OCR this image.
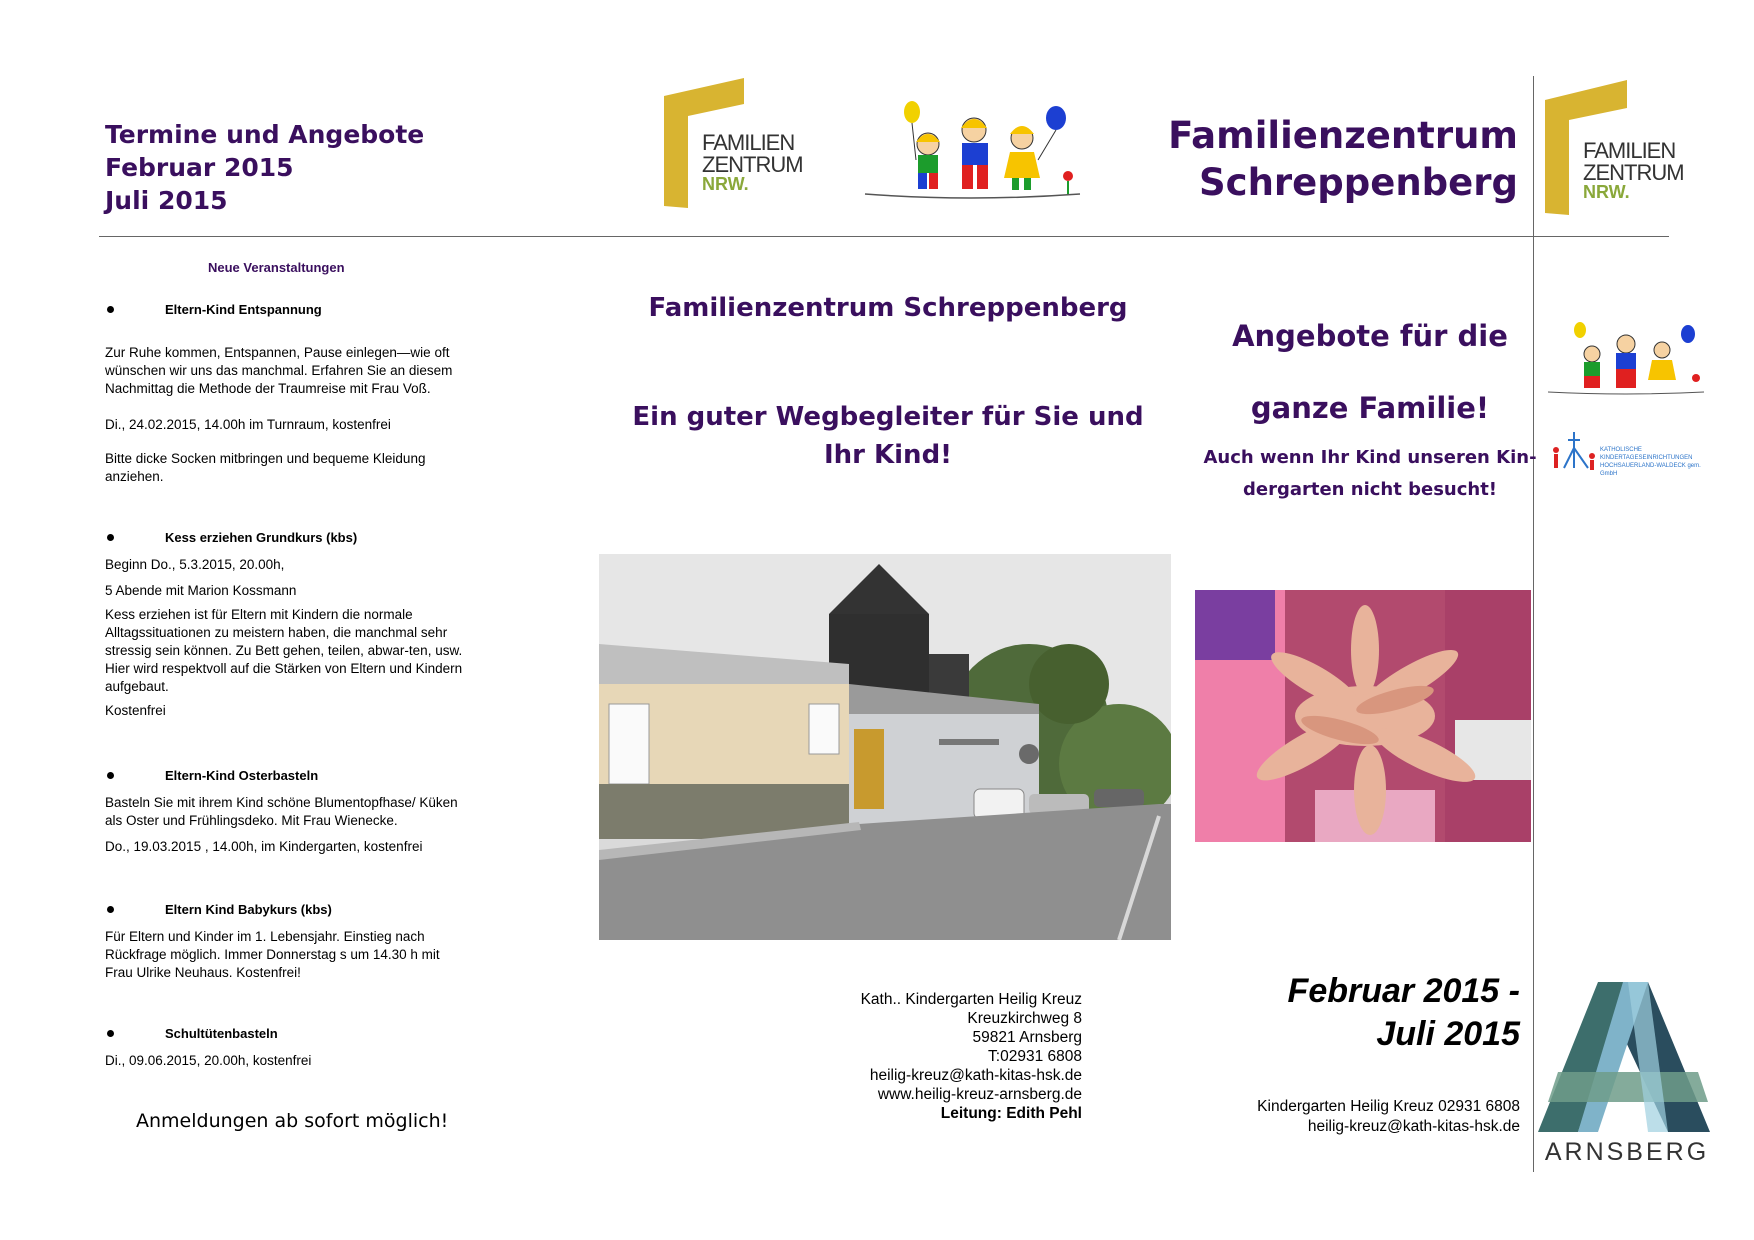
Termine und Angebote
Februar 2015
Juli 2015
Neue Veranstaltungen
Eltern-Kind Entspannung
Zur Ruhe kommen, Entspannen, Pause einlegen—wie oft wünschen wir uns das manchmal. Erfahren Sie an diesem Nachmittag die Methode der Traumreise mit Frau Voß.
Di., 24.02.2015, 14.00h im Turnraum, kostenfrei
Bitte dicke Socken mitbringen und bequeme Kleidung anziehen.
Kess erziehen Grundkurs (kbs)
Beginn Do., 5.3.2015, 20.00h,
5 Abende mit Marion Kossmann
Kess erziehen ist für Eltern mit Kindern die normale Alltagssituationen zu meistern haben, die manchmal sehr stressig sein können. Zu Bett gehen, teilen, abwar-ten, usw. Hier wird respektvoll auf die Stärken von Eltern und Kindern aufgebaut.
Kostenfrei
Eltern-Kind Osterbasteln
Basteln Sie mit ihrem Kind schöne Blumentopfhase/ Küken als Oster und Frühlingsdeko. Mit Frau Wienecke.
Do., 19.03.2015 , 14.00h, im Kindergarten, kostenfrei
Eltern Kind Babykurs (kbs)
Für Eltern und Kinder im 1. Lebensjahr. Einstieg nach Rückfrage möglich. Immer Donnerstag s um 14.30 h mit Frau Ulrike Neuhaus. Kostenfrei!
Schultütenbasteln
Di., 09.06.2015, 20.00h, kostenfrei
Anmeldungen ab sofort möglich!
FAMILIEN
ZENTRUM
NRW.
Familienzentrum Schreppenberg
Ein guter Wegbegleiter für Sie und
Ihr Kind!
Kath.. Kindergarten Heilig Kreuz
Kreuzkirchweg 8
59821 Arnsberg
T:02931 6808
heilig-kreuz@kath-kitas-hsk.de
www.heilig-kreuz-arnsberg.de
Leitung: Edith Pehl
Familienzentrum
Schreppenberg
Angebote für die
ganze Familie!
Auch wenn Ihr Kind unseren Kin-
dergarten nicht besucht!
Februar 2015 -
Juli 2015
Kindergarten Heilig Kreuz 02931 6808
heilig-kreuz@kath-kitas-hsk.de
FAMILIEN
ZENTRUM
NRW.
KATHOLISCHE
KINDERTAGESEINRICHTUNGEN
HOCHSAUERLAND-WALDECK gem. GmbH
ARNSBERG
